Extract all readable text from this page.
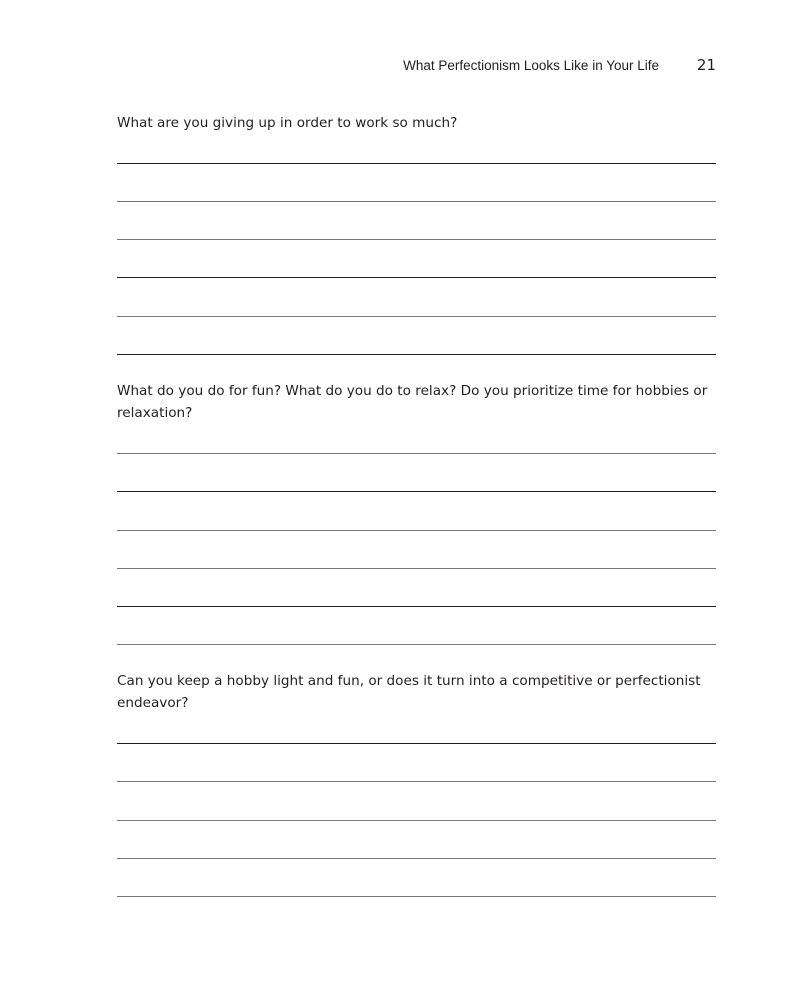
What Perfectionism Looks Like in Your Life	21

What are you giving up in order to work so much?

What do you do for fun? What do you do to relax? Do you prioritize time for hobbies or relaxation?

Can you keep a hobby light and fun, or does it turn into a competitive or perfectionist endeavor?
